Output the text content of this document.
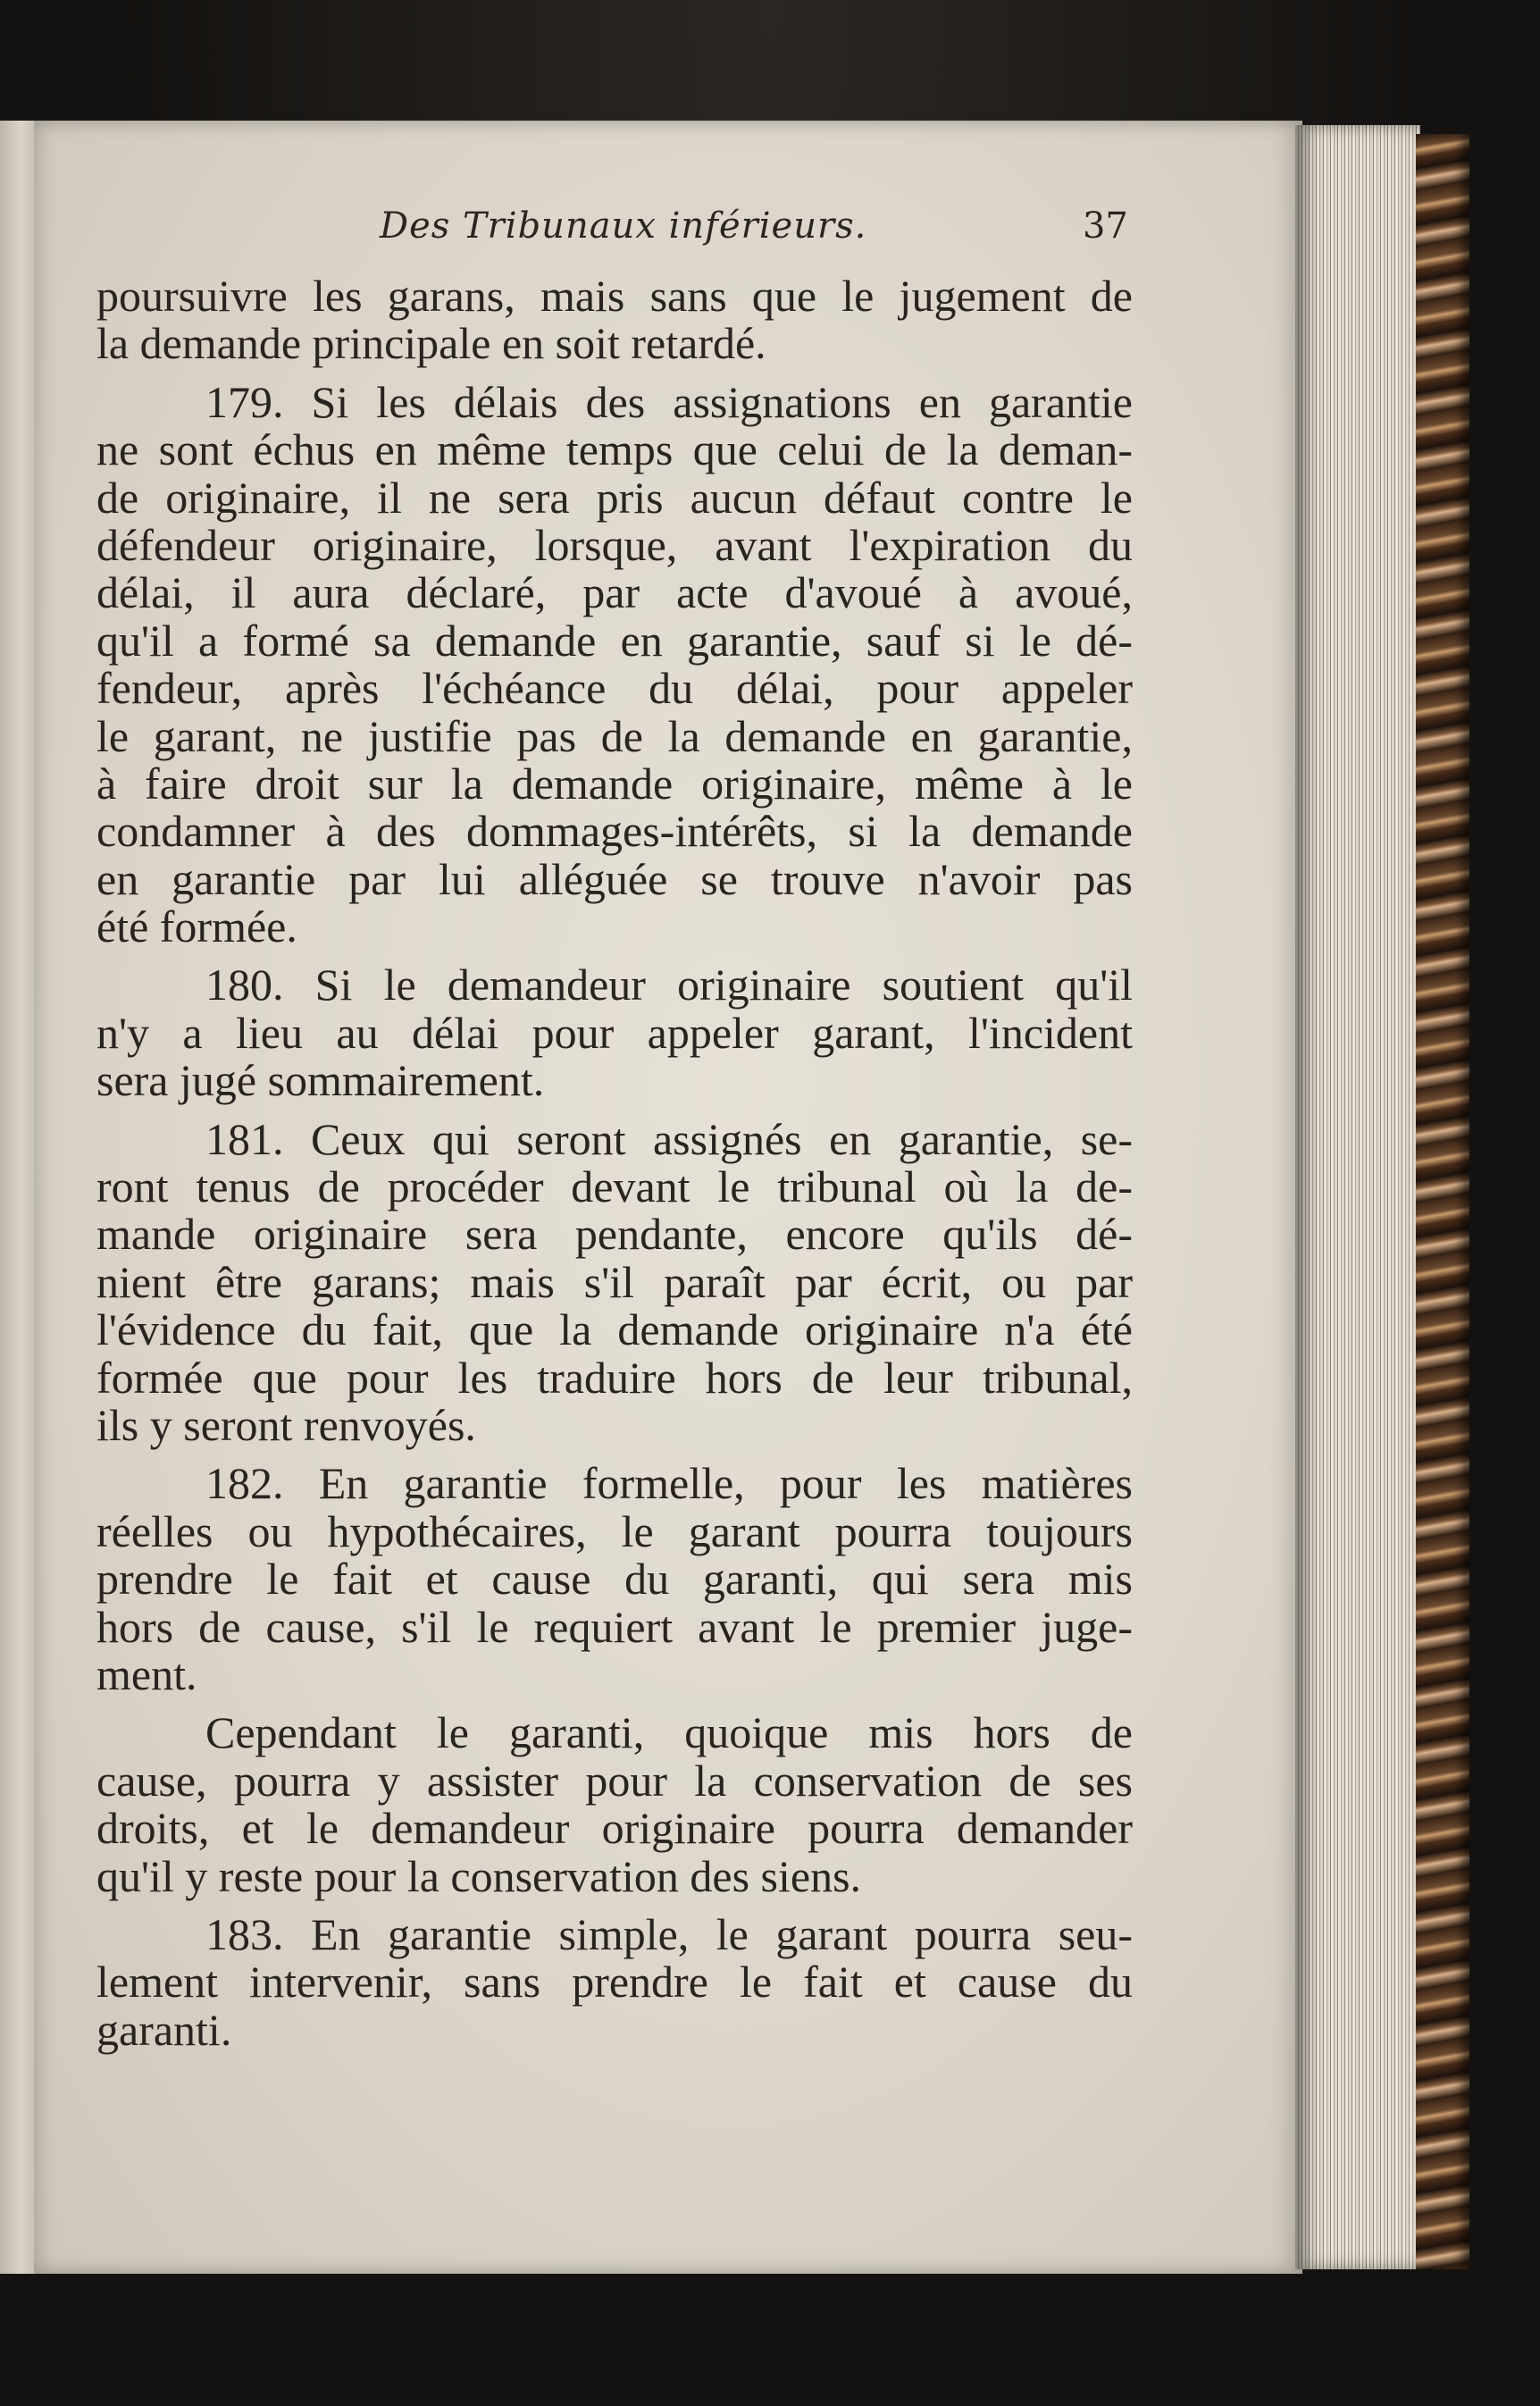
Des Tribunaux inférieurs.	37
poursuivre les garans, mais sans que le jugement de
la demande principale en soit retardé.
179. Si les délais des assignations en garantie
ne sont échus en même temps que celui de la deman-
de originaire, il ne sera pris aucun défaut contre le
défendeur originaire, lorsque, avant l'expiration du
délai, il aura déclaré, par acte d'avoué à avoué,
qu'il a formé sa demande en garantie, sauf si le dé-
fendeur, après l'échéance du délai, pour appeler
le garant, ne justifie pas de la demande en garantie,
à faire droit sur la demande originaire, même à le
condamner à des dommages-intérêts, si la demande
en garantie par lui alléguée se trouve n'avoir pas
été formée.
180. Si le demandeur originaire soutient qu'il
n'y a lieu au délai pour appeler garant, l'incident
sera jugé sommairement.
181. Ceux qui seront assignés en garantie, se-
ront tenus de procéder devant le tribunal où la de-
mande originaire sera pendante, encore qu'ils dé-
nient être garans; mais s'il paraît par écrit, ou par
l'évidence du fait, que la demande originaire n'a été
formée que pour les traduire hors de leur tribunal,
ils y seront renvoyés.
182. En garantie formelle, pour les matières
réelles ou hypothécaires, le garant pourra toujours
prendre le fait et cause du garanti, qui sera mis
hors de cause, s'il le requiert avant le premier juge-
ment.
Cependant le garanti, quoique mis hors de
cause, pourra y assister pour la conservation de ses
droits, et le demandeur originaire pourra demander
qu'il y reste pour la conservation des siens.
183. En garantie simple, le garant pourra seu-
lement intervenir, sans prendre le fait et cause du
garanti.
